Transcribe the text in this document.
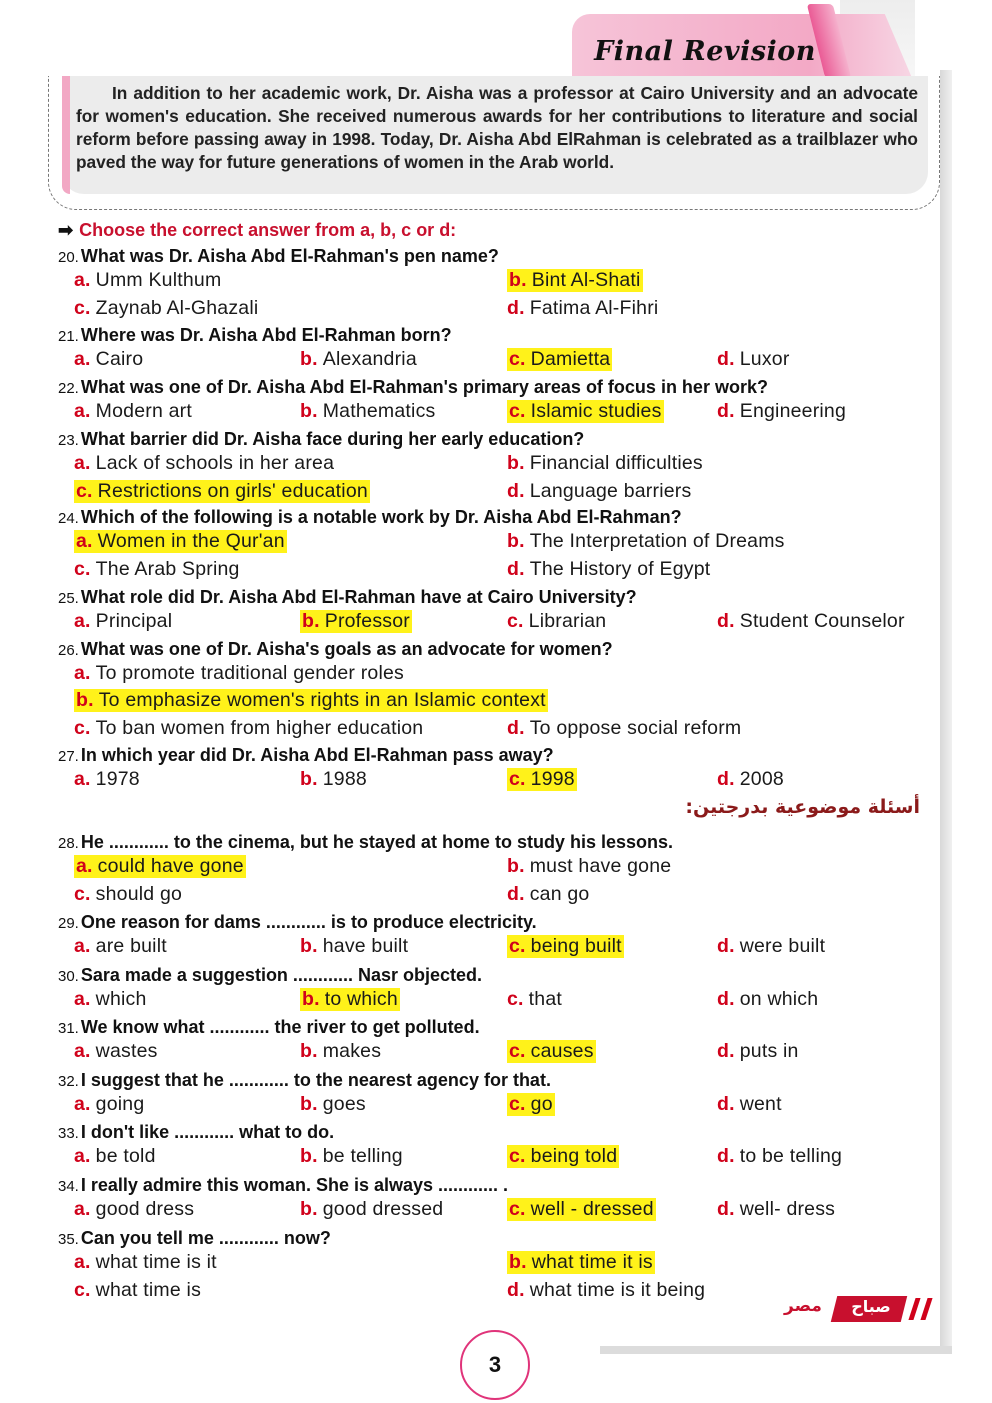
Final Revision

In addition to her academic work, Dr. Aisha was a professor at Cairo University and an advocate for women's education. She received numerous awards for her contributions to literature and social reform before passing away in 1998. Today, Dr. Aisha Abd ElRahman is celebrated as a trailblazer who paved the way for future generations of women in the Arab world.

➡ Choose the correct answer from a, b, c or d:
أسئلة موضوعية بدرجتين:
20. What was Dr. Aisha Abd El-Rahman's pen name?
a. Umm Kulthum	b. Bint Al-Shati
c. Zaynab Al-Ghazali	d. Fatima Al-Fihri
21. Where was Dr. Aisha Abd El-Rahman born?
a. Cairo	b. Alexandria	c. Damietta	d. Luxor
22. What was one of Dr. Aisha Abd El-Rahman's primary areas of focus in her work?
a. Modern art	b. Mathematics	c. Islamic studies	d. Engineering
23. What barrier did Dr. Aisha face during her early education?
a. Lack of schools in her area	b. Financial difficulties
c. Restrictions on girls' education	d. Language barriers
24. Which of the following is a notable work by Dr. Aisha Abd El-Rahman?
a. Women in the Qur'an	b. The Interpretation of Dreams
c. The Arab Spring	d. The History of Egypt
25. What role did Dr. Aisha Abd El-Rahman have at Cairo University?
a. Principal	b. Professor	c. Librarian	d. Student Counselor
26. What was one of Dr. Aisha's goals as an advocate for women?
a. To promote traditional gender roles
b. To emphasize women's rights in an Islamic context
c. To ban women from higher education	d. To oppose social reform
27. In which year did Dr. Aisha Abd El-Rahman pass away?
a. 1978	b. 1988	c. 1998	d. 2008
28. He ............ to the cinema, but he stayed at home to study his lessons.
a. could have gone	b. must have gone
c. should go	d. can go
29. One reason for dams ............ is to produce electricity.
a. are built	b. have built	c. being built	d. were built
30. Sara made a suggestion ............ Nasr objected.
a. which	b. to which	c. that	d. on which
31. We know what ............ the river to get polluted.
a. wastes	b. makes	c. causes	d. puts in
32. I suggest that he ............ to the nearest agency for that.
a. going	b. goes	c. go	d. went
33. I don't like ............ what to do.
a. be told	b. be telling	c. being told	d. to be telling
34. I really admire this woman. She is always ............ .
a. good dress	b. good dressed	c. well - dressed	d. well- dress
35. Can you tell me ............ now?
a. what time is it	b. what time it is
c. what time is	d. what time is it being
مصر	صباح
3
